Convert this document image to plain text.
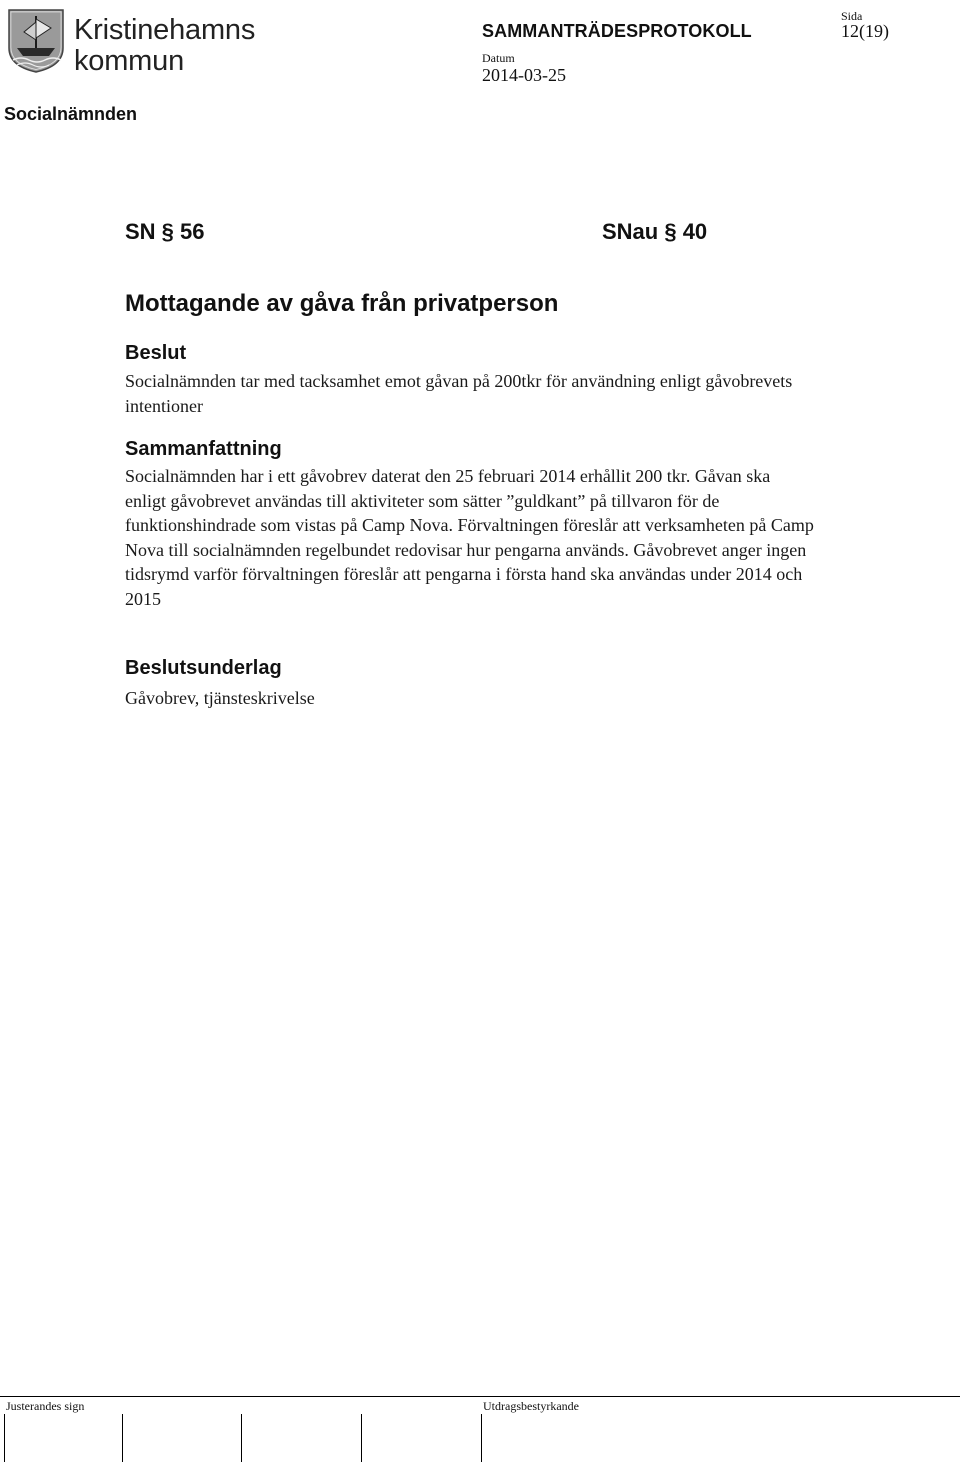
Kristinehamns
kommun
SAMMANTRÄDESPROTOKOLL
Sida
12(19)
Datum
2014-03-25
Socialnämnden
SN § 56	SNau § 40
Mottagande av gåva från privatperson
Beslut
Socialnämnden tar med tacksamhet emot gåvan på 200tkr för användning enligt gåvobrevets intentioner
Sammanfattning
Socialnämnden har i ett gåvobrev daterat den 25 februari 2014 erhållit 200 tkr. Gåvan ska enligt gåvobrevet användas till aktiviteter som sätter ”guldkant” på tillvaron för de funktionshindrade som vistas på Camp Nova. Förvaltningen föreslår att verksamheten på Camp Nova till socialnämnden regelbundet redovisar hur pengarna används. Gåvobrevet anger ingen tidsrymd varför förvaltningen föreslår att pengarna i första hand ska användas under 2014 och 2015
Beslutsunderlag
Gåvobrev, tjänsteskrivelse
Justerandes sign	Utdragsbestyrkande
